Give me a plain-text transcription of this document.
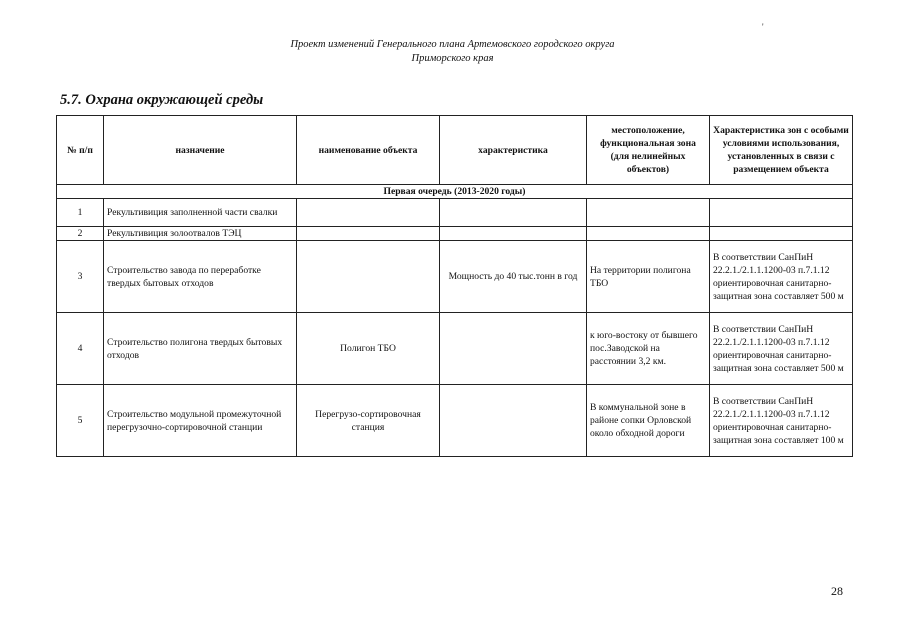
'
Проект изменений Генерального плана Артемовского городского округа
Приморского края
5.7. Охрана окружающей среды
№ п/п	назначение	наименование объекта	характеристика	местоположение, функциональная зона (для нелинейных объектов)	Характеристика зон с особыми условиями использования, установленных в связи с размещением объекта
Первая очередь (2013-2020 годы)					
1	Рекультивиция заполненной части свалки				
2	Рекультивиция золоотвалов ТЭЦ				
3	Строительство завода по переработке твердых бытовых отходов		Мощность до 40 тыс.тонн в год	На территории полигона ТБО	В соответствии СанПиН 22.2.1./2.1.1.1200-03 п.7.1.12 ориентировочная санитарно-защитная зона составляет 500 м
4	Строительство полигона твердых бытовых отходов	Полигон ТБО		к юго-востоку от бывшего пос.Заводской на расстоянии 3,2 км.	В соответствии СанПиН 22.2.1./2.1.1.1200-03 п.7.1.12 ориентировочная санитарно-защитная зона составляет 500 м
5	Строительство модульной промежуточной перегрузочно-сортировочной станции	Перегрузо-сортировочная станция		В коммунальной зоне в районе сопки Орловской около обходной дороги	В соответствии СанПиН 22.2.1./2.1.1.1200-03 п.7.1.12 ориентировочная санитарно-защитная зона составляет 100 м
28
